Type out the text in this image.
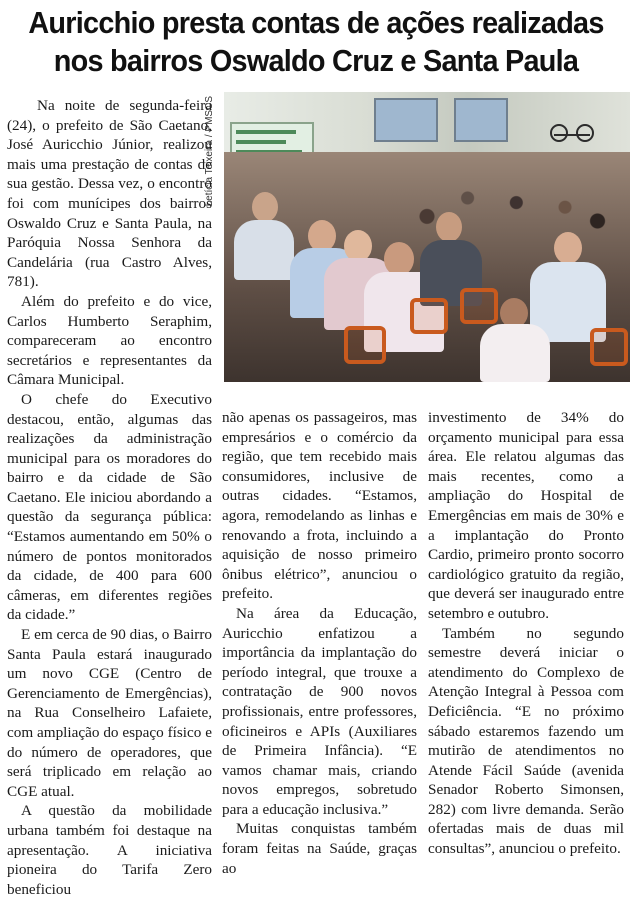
Auricchio presta contas de ações realizadas
nos bairros Oswaldo Cruz e Santa Paula
Letícia Teixeira / PMSCS

Na noite de segunda-feira (24), o prefeito de São Caetano, José Auricchio Júnior, realizou mais uma prestação de contas de sua gestão. Dessa vez, o encontro foi com munícipes dos bairros Oswaldo Cruz e Santa Paula, na Paróquia Nossa Senhora da Candelária (rua Castro Alves, 781).

Além do prefeito e do vice, Carlos Humberto Seraphim, compareceram ao encontro secretários e representantes da Câmara Municipal.

O chefe do Executivo destacou, então, algumas das realizações da administração municipal para os moradores do bairro e da cidade de São Caetano. Ele iniciou abordando a questão da segurança pública: “Estamos aumentando em 50% o número de pontos monitorados da cidade, de 400 para 600 câmeras, em diferentes regiões da cidade.”

E em cerca de 90 dias, o Bairro Santa Paula estará inaugurado um novo CGE (Centro de Gerenciamento de Emergências), na Rua Conselheiro Lafaiete, com ampliação do espaço físico e do número de operadores, que será triplicado em relação ao CGE atual.

A questão da mobilidade urbana também foi destaque na apresentação. A iniciativa pioneira do Tarifa Zero beneficiou

não apenas os passageiros, mas empresários e o comércio da região, que tem recebido mais consumidores, inclusive de outras cidades. “Estamos, agora, remodelando as linhas e renovando a frota, incluindo a aquisição de nosso primeiro ônibus elétrico”, anunciou o prefeito.

Na área da Educação, Auricchio enfatizou a importância da implantação do período integral, que trouxe a contratação de 900 novos profissionais, entre professores, oficineiros e APIs (Auxiliares de Primeira Infância). “E vamos chamar mais, criando novos empregos, sobretudo para a educação inclusiva.”

Muitas conquistas também foram feitas na Saúde, graças ao

investimento de 34% do orçamento municipal para essa área. Ele relatou algumas das mais recentes, como a ampliação do Hospital de Emergências em mais de 30% e a implantação do Pronto Cardio, primeiro pronto socorro cardiológico gratuito da região, que deverá ser inaugurado entre setembro e outubro.

Também no segundo semestre deverá iniciar o atendimento do Complexo de Atenção Integral à Pessoa com Deficiência. “E no próximo sábado estaremos fazendo um mutirão de atendimentos no Atende Fácil Saúde (avenida Senador Roberto Simonsen, 282) com livre demanda. Serão ofertadas mais de duas mil consultas”, anunciou o prefeito.
